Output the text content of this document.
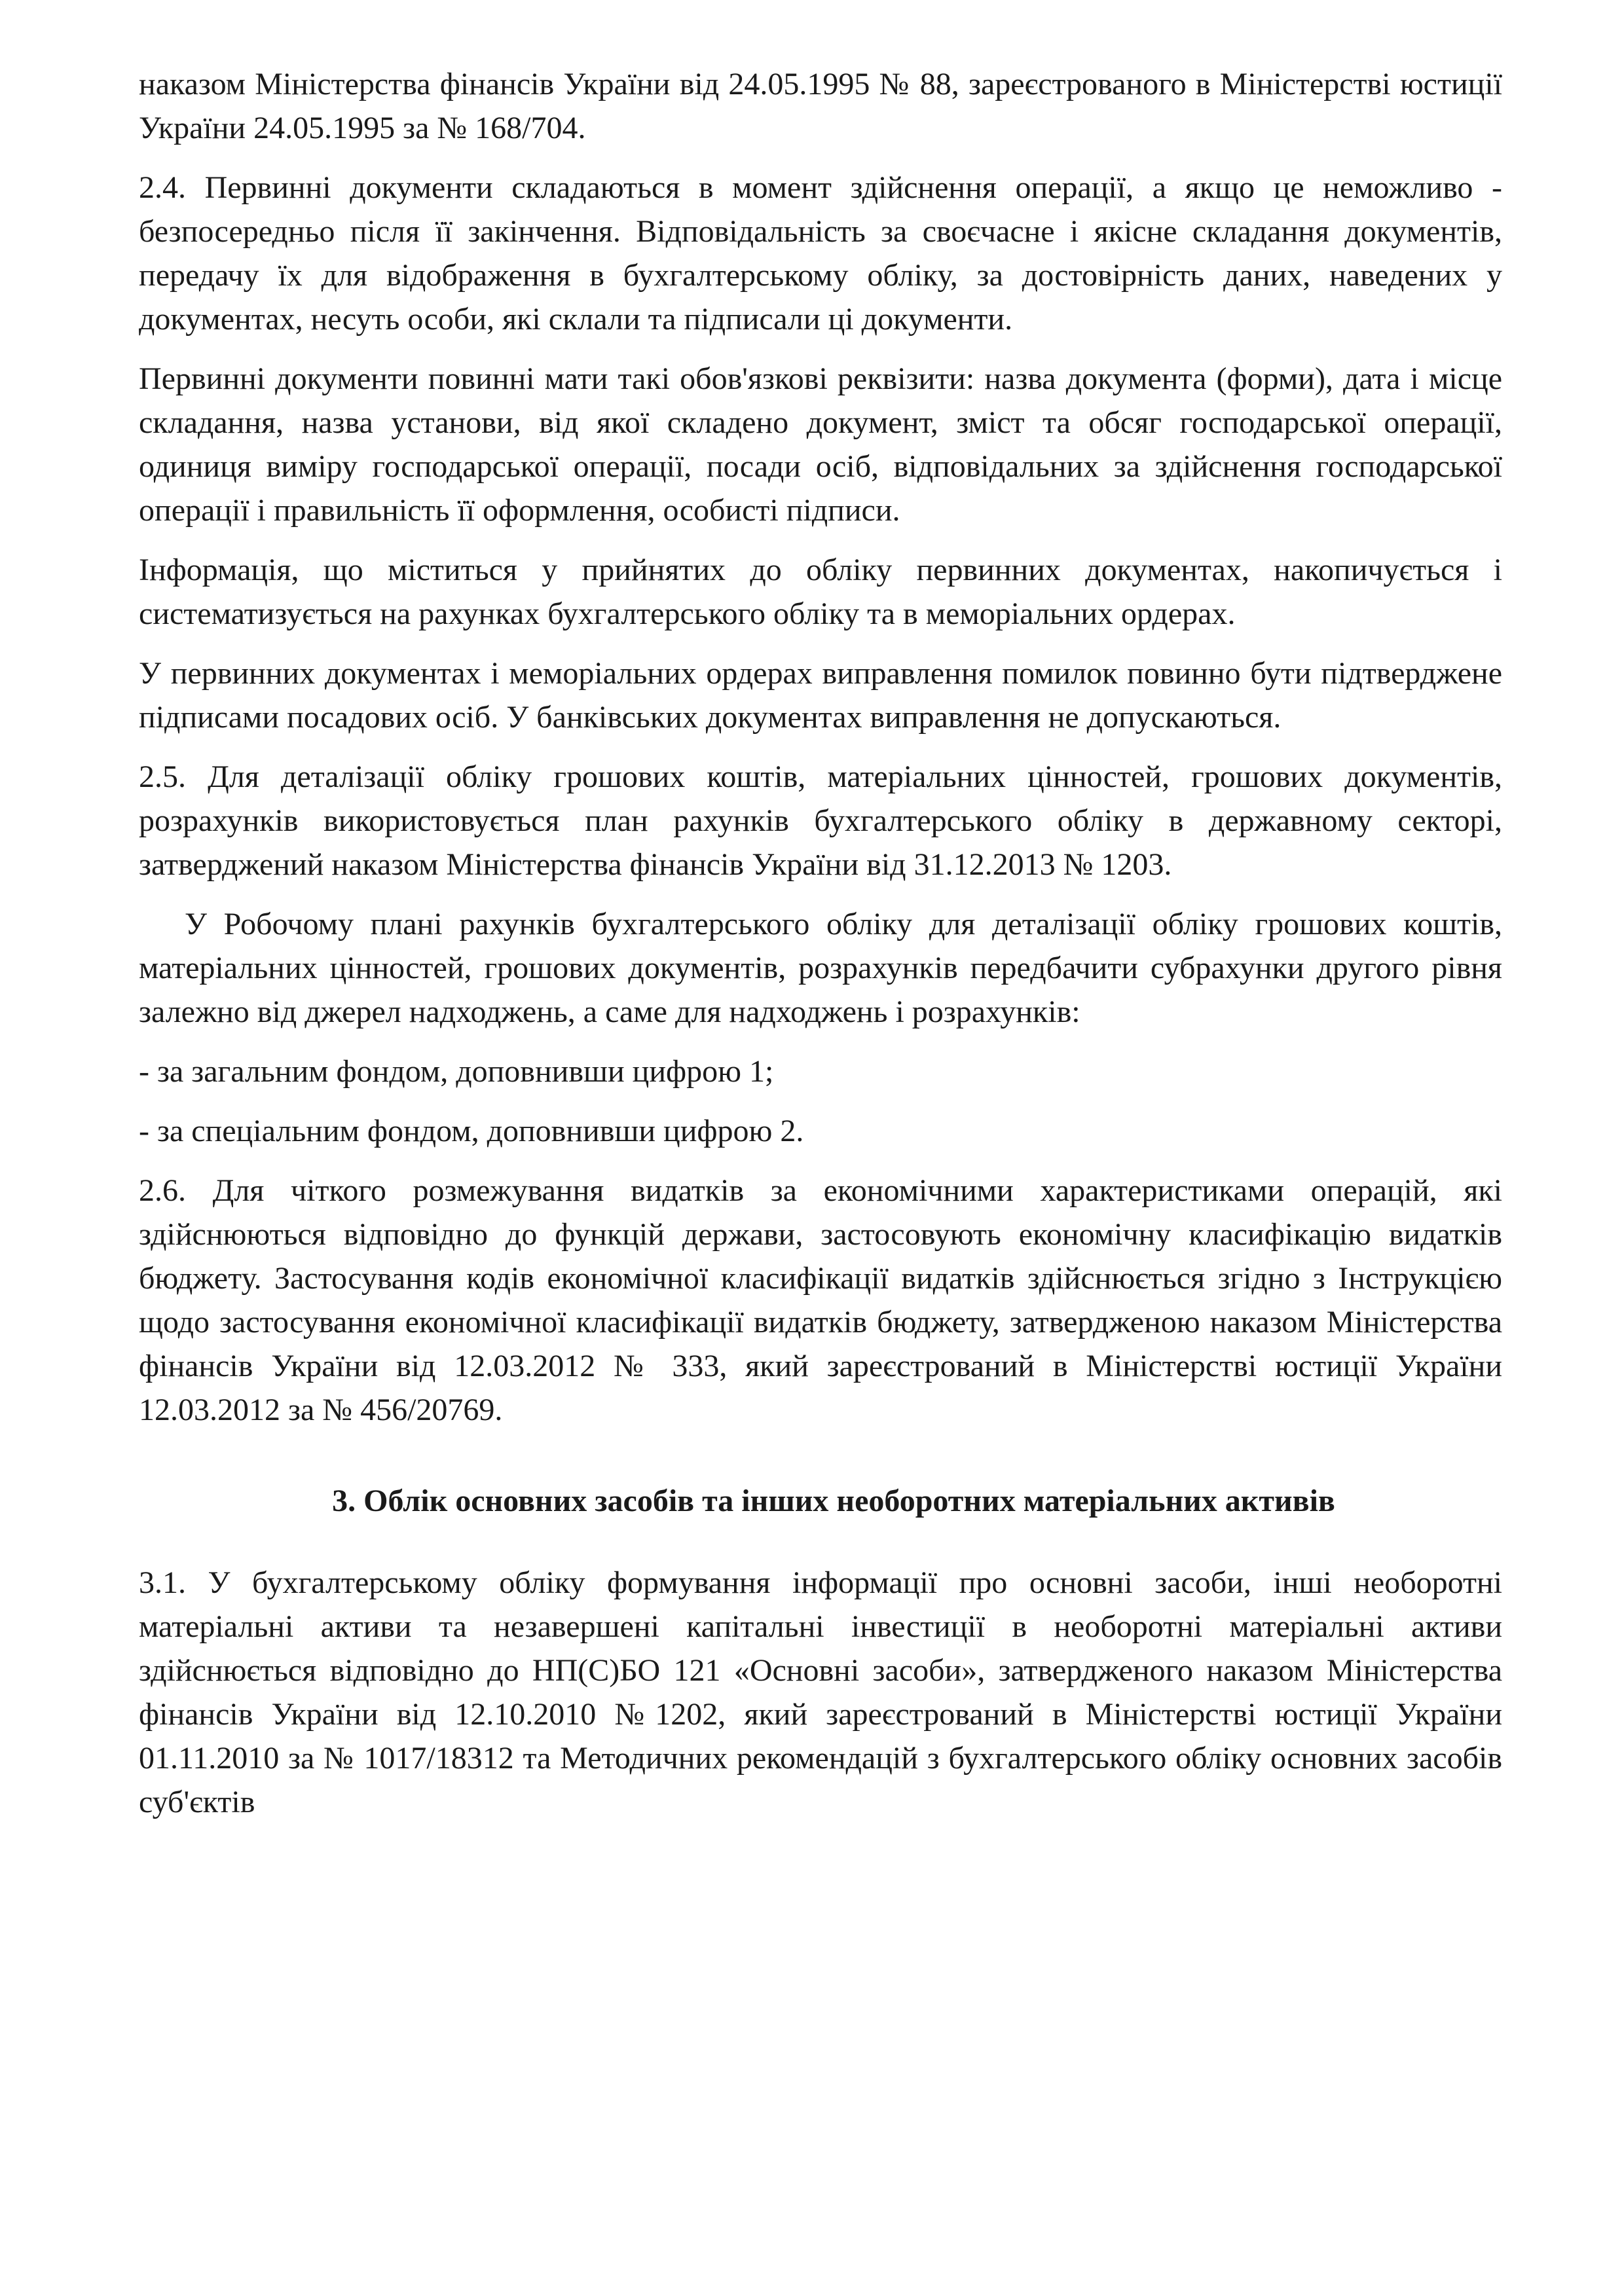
наказом Міністерства фінансів України від 24.05.1995 № 88, зареєстрованого в Міністерстві юстиції України 24.05.1995 за № 168/704.

2.4. Первинні документи складаються в момент здійснення операції, а якщо це неможливо - безпосередньо після її закінчення. Відповідальність за своєчасне і якісне складання документів, передачу їх для відображення в бухгалтерському обліку, за достовірність даних, наведених у документах, несуть особи, які склали та підписали ці документи.

Первинні документи повинні мати такі обов'язкові реквізити: назва документа (форми), дата і місце складання, назва установи, від якої складено документ, зміст та обсяг господарської операції, одиниця виміру господарської операції, посади осіб, відповідальних за здійснення господарської операції і правильність її оформлення, особисті підписи.

Інформація, що міститься у прийнятих до обліку первинних документах, накопичується і систематизується на рахунках бухгалтерського обліку та в меморіальних ордерах.

У первинних документах і меморіальних ордерах виправлення помилок повинно бути підтверджене підписами посадових осіб. У банківських документах виправлення не допускаються.

2.5. Для деталізації обліку грошових коштів, матеріальних цінностей, грошових документів, розрахунків використовується план рахунків бухгалтерського обліку в державному секторі, затверджений наказом Міністерства фінансів України від 31.12.2013 № 1203.

У Робочому плані рахунків бухгалтерського обліку для деталізації обліку грошових коштів, матеріальних цінностей, грошових документів, розрахунків передбачити субрахунки другого рівня залежно від джерел надходжень, а саме для надходжень і розрахунків:

- за загальним фондом, доповнивши цифрою 1;

- за спеціальним фондом, доповнивши цифрою 2.

2.6. Для чіткого розмежування видатків за економічними характеристиками операцій, які здійснюються відповідно до функцій держави, застосовують економічну класифікацію видатків бюджету. Застосування кодів економічної класифікації видатків здійснюється згідно з Інструкцією щодо застосування економічної класифікації видатків бюджету, затвердженою наказом Міністерства фінансів України від 12.03.2012 № 333, який зареєстрований в Міністерстві юстиції України 12.03.2012 за № 456/20769.

3. Облік основних засобів та інших необоротних матеріальних активів

3.1. У бухгалтерському обліку формування інформації про основні засоби, інші необоротні матеріальні активи та незавершені капітальні інвестиції в необоротні матеріальні активи здійснюється відповідно до НП(С)БО 121 «Основні засоби», затвердженого наказом Міністерства фінансів України від 12.10.2010 №1202, який зареєстрований в Міністерстві юстиції України 01.11.2010 за № 1017/18312 та Методичних рекомендацій з бухгалтерського обліку основних засобів суб'єктів
